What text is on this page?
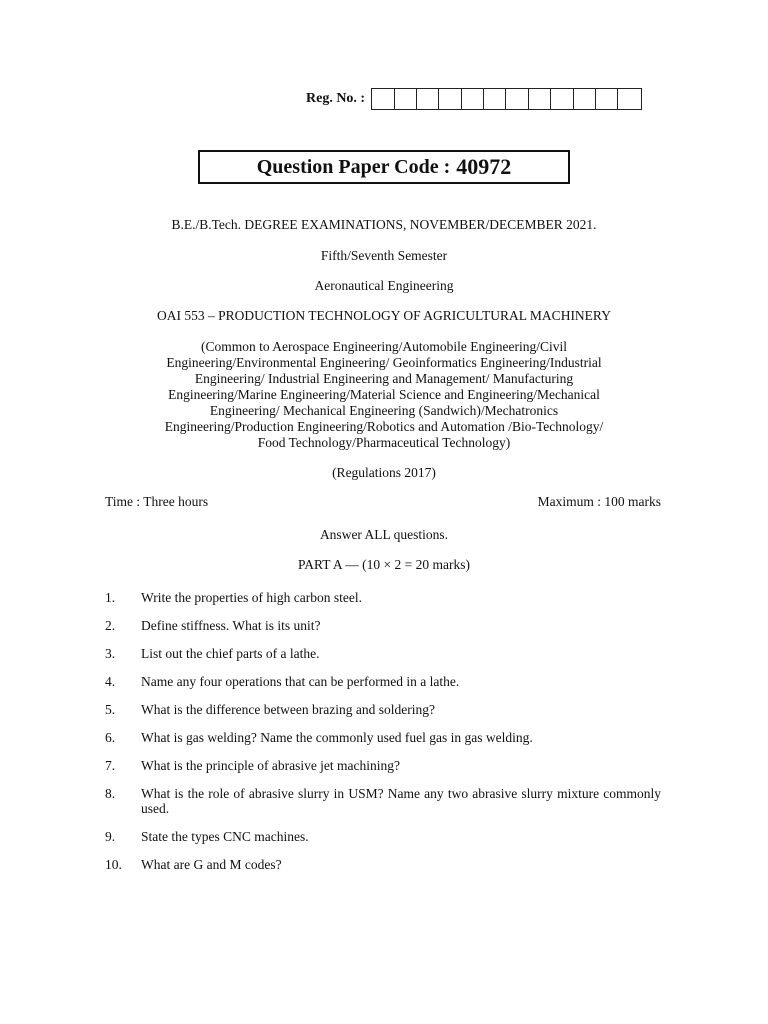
Reg. No. :
Question Paper Code : 40972
B.E./B.Tech. DEGREE EXAMINATIONS, NOVEMBER/DECEMBER 2021.
Fifth/Seventh Semester
Aeronautical Engineering
OAI 553 – PRODUCTION TECHNOLOGY OF AGRICULTURAL MACHINERY
(Common to Aerospace Engineering/Automobile Engineering/Civil
Engineering/Environmental Engineering/ Geoinformatics Engineering/Industrial
Engineering/ Industrial Engineering and Management/ Manufacturing
Engineering/Marine Engineering/Material Science and Engineering/Mechanical
Engineering/ Mechanical Engineering (Sandwich)/Mechatronics
Engineering/Production Engineering/Robotics and Automation /Bio-Technology/
Food Technology/Pharmaceutical Technology)
(Regulations 2017)
Time : Three hours	Maximum : 100 marks
Answer ALL questions.
PART A — (10 × 2 = 20 marks)
1.	Write the properties of high carbon steel.
2.	Define stiffness. What is its unit?
3.	List out the chief parts of a lathe.
4.	Name any four operations that can be performed in a lathe.
5.	What is the difference between brazing and soldering?
6.	What is gas welding? Name the commonly used fuel gas in gas welding.
7.	What is the principle of abrasive jet machining?
8.	What is the role of abrasive slurry in USM? Name any two abrasive slurry mixture commonly used.
9.	State the types CNC machines.
10.	What are G and M codes?
